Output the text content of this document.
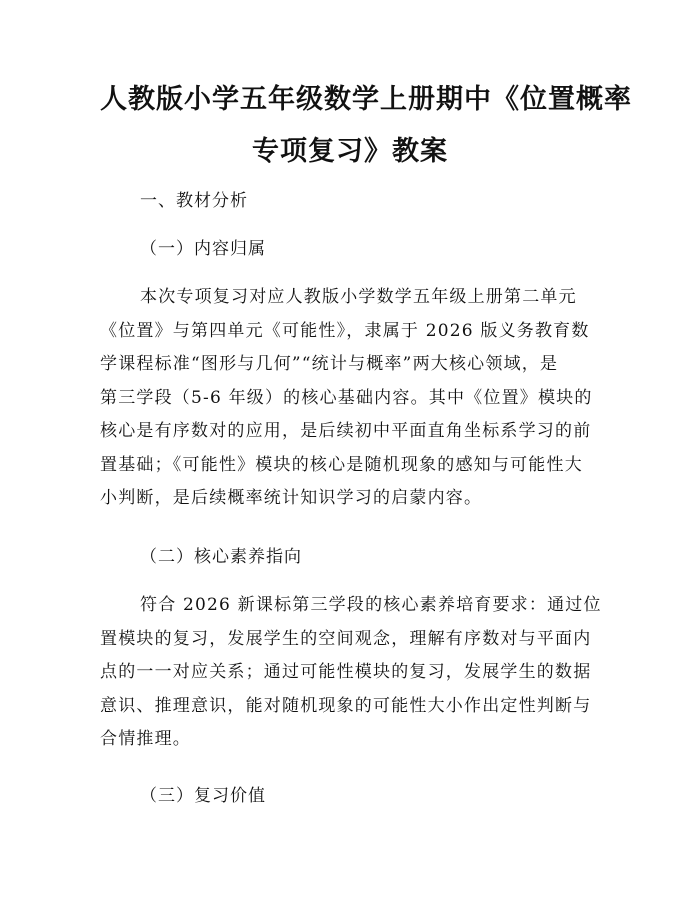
人教版小学五年级数学上册期中《位置概率
专项复习》教案
一、教材分析
（一）内容归属
本次专项复习对应人教版小学数学五年级上册第二单元
《位置》与第四单元《可能性》，隶属于 2026 版义务教育数
学课程标准“图形与几何”“统计与概率”两大核心领域，是
第三学段（5-6 年级）的核心基础内容。其中《位置》模块的
核心是有序数对的应用，是后续初中平面直角坐标系学习的前
置基础；《可能性》模块的核心是随机现象的感知与可能性大
小判断，是后续概率统计知识学习的启蒙内容。
（二）核心素养指向
符合 2026 新课标第三学段的核心素养培育要求：通过位
置模块的复习，发展学生的空间观念，理解有序数对与平面内
点的一一对应关系；通过可能性模块的复习，发展学生的数据
意识、推理意识，能对随机现象的可能性大小作出定性判断与
合情推理。
（三）复习价值
